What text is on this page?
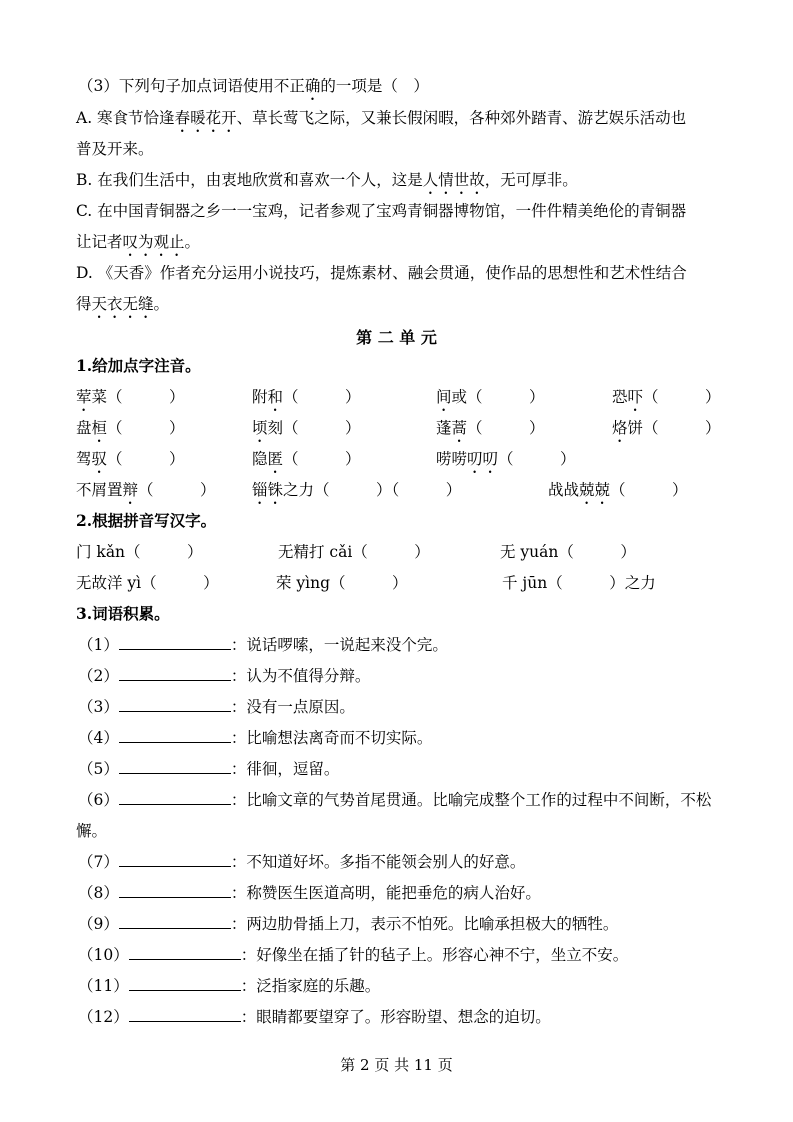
（3）下列句子加点词语使用不正确的一项是（　）
A. 寒食节恰逢春暖花开、草长莺飞之际，又兼长假闲暇，各种郊外踏青、游艺娱乐活动也
普及开来。
B. 在我们生活中，由衷地欣赏和喜欢一个人，这是人情世故，无可厚非。
C. 在中国青铜器之乡一一宝鸡，记者参观了宝鸡青铜器博物馆，一件件精美绝伦的青铜器
让记者叹为观止。
D. 《天香》作者充分运用小说技巧，提炼素材、融会贯通，使作品的思想性和艺术性结合
得天衣无缝。
第 二 单 元
1.给加点字注音。
荤菜（　　　）	附和（　　　）	间或（　　　）	恐吓（　　　）
盘桓（　　　）	顷刻（　　　）	蓬蒿（　　　）	烙饼（　　　）
驾驭（　　　）	隐匿（　　　）	唠唠叨叨（　　　）
不屑置辩（　　　） 锱铢之力（　　　）（　　　）	战战兢兢（　　　）
2.根据拼音写汉字。
门 kǎn（　　　）	无精打 cǎi（　　　）	无 yuán（　　　）
无故洋 yì（　　　）	荣 yìng（　　　）	千 jūn（　　　）之力
3.词语积累。
（1）	：说话啰嗦，一说起来没个完。
（2）	：认为不值得分辩。
（3）	：没有一点原因。
（4）	：比喻想法离奇而不切实际。
（5）	：徘徊，逗留。
（6）	：比喻文章的气势首尾贯通。比喻完成整个工作的过程中不间断，不松
懈。
（7）	：不知道好坏。多指不能领会别人的好意。
（8）	：称赞医生医道高明，能把垂危的病人治好。
（9）	：两边肋骨插上刀，表示不怕死。比喻承担极大的牺牲。
（10）	：好像坐在插了针的毡子上。形容心神不宁，坐立不安。
（11）	：泛指家庭的乐趣。
（12）	：眼睛都要望穿了。形容盼望、想念的迫切。
第 2 页 共 11 页
